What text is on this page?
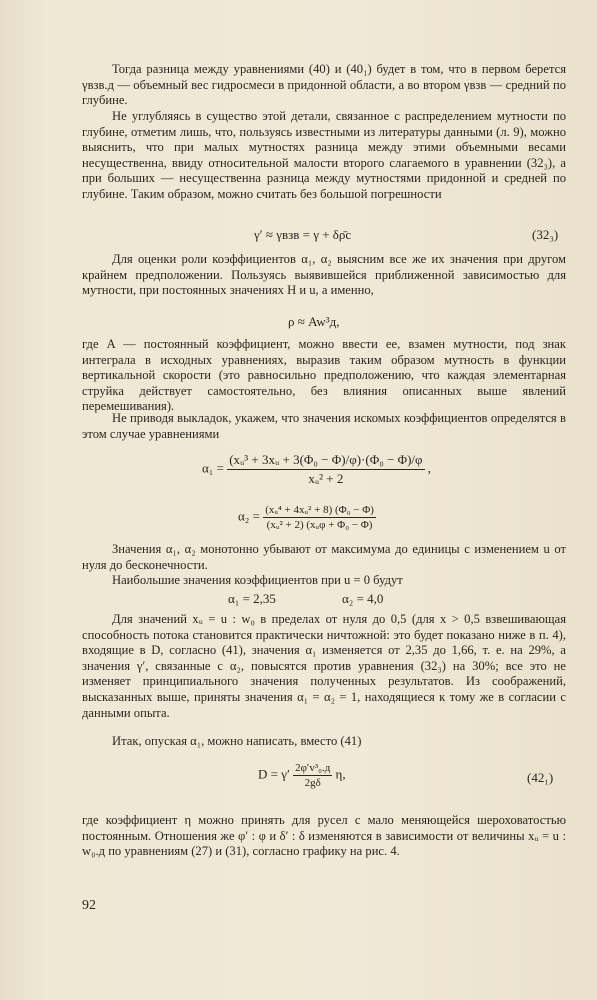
Тогда разница между уравнениями (40) и (40₁) будет в том, что в первом берется γвзв.д — объемный вес гидросмеси в придонной области, а во втором γвзв — средний по глубине.

Не углубляясь в существо этой детали, связанное с распределением мутности по глубине, отметим лишь, что, пользуясь известными из литературы данными (л. 9), можно выяснить, что при малых мутностях разница между этими объемными весами несущественна, ввиду относительной малости второго слагаемого в уравнении (32₃), а при больших — несущественна разница между мутностями придонной и средней по глубине. Таким образом, можно считать без большой погрешности

γ′ ≈ γвзв = γ + δρ̄c	(32₃)

Для оценки роли коэффициентов α₁, α₂ выясним все же их значения при другом крайнем предположении. Пользуясь выявившейся приближенной зависимостью для мутности, при постоянных значениях H и u, а именно,

ρ ≈ Aw³д,

где A — постоянный коэффициент, можно ввести ее, взамен мутности, под знак интеграла в исходных уравнениях, выразив таким образом мутность в функции вертикальной скорости (это равносильно предположению, что каждая элементарная струйка действует самостоятельно, без влияния описанных выше явлений перемешивания).

Не приводя выкладок, укажем, что значения искомых коэффициентов определятся в этом случае уравнениями

$\alpha_1 = \frac{\text{(xᵤ³ + 3xᵤ + 3(Φ₀ − Φ)/φ)·(Φ₀ − Φ)/φ}}{\text{xᵤ² + 2}}$ ,
$\alpha_2 = \frac{\text{(xᵤ⁴ + 4xᵤ² + 8) (Φ₀ − Φ)}}{\text{(xᵤ² + 2) (xᵤφ + Φ₀ − Φ)}}$

Значения α₁, α₂ монотонно убывают от максимума до единицы с изменением u от нуля до бесконечности.

Наибольшие значения коэффициентов при u = 0 будут

α₁ = 2,35	α₂ = 4,0

Для значений xᵤ = u : w₀ в пределах от нуля до 0,5 (для x > 0,5 взвешивающая способность потока становится практически ничтожной: это будет показано ниже в п. 4), входящие в D, согласно (41), значения α₁ изменяется от 2,35 до 1,66, т. е. на 29%, а значения γ′, связанные с α₂, повысятся против уравнения (32₃) на 30%; все это не изменяет принципиального значения полученных результатов. Из соображений, высказанных выше, приняты значения α₁ = α₂ = 1, находящиеся к тому же в согласии с данными опыта.

Итак, опуская α₁, можно написать, вместо (41)

$D = \gamma' \frac{\text{2φ′v³₀.д}}{2g\delta} \eta$,	(42₁)

где коэффициент η можно принять для русел с мало меняющейся шероховатостью постоянным. Отношения же φ′ : φ и δ′ : δ изменяются в зависимости от величины xᵤ = u : w₀.д по уравнениям (27) и (31), согласно графику на рис. 4.

92
